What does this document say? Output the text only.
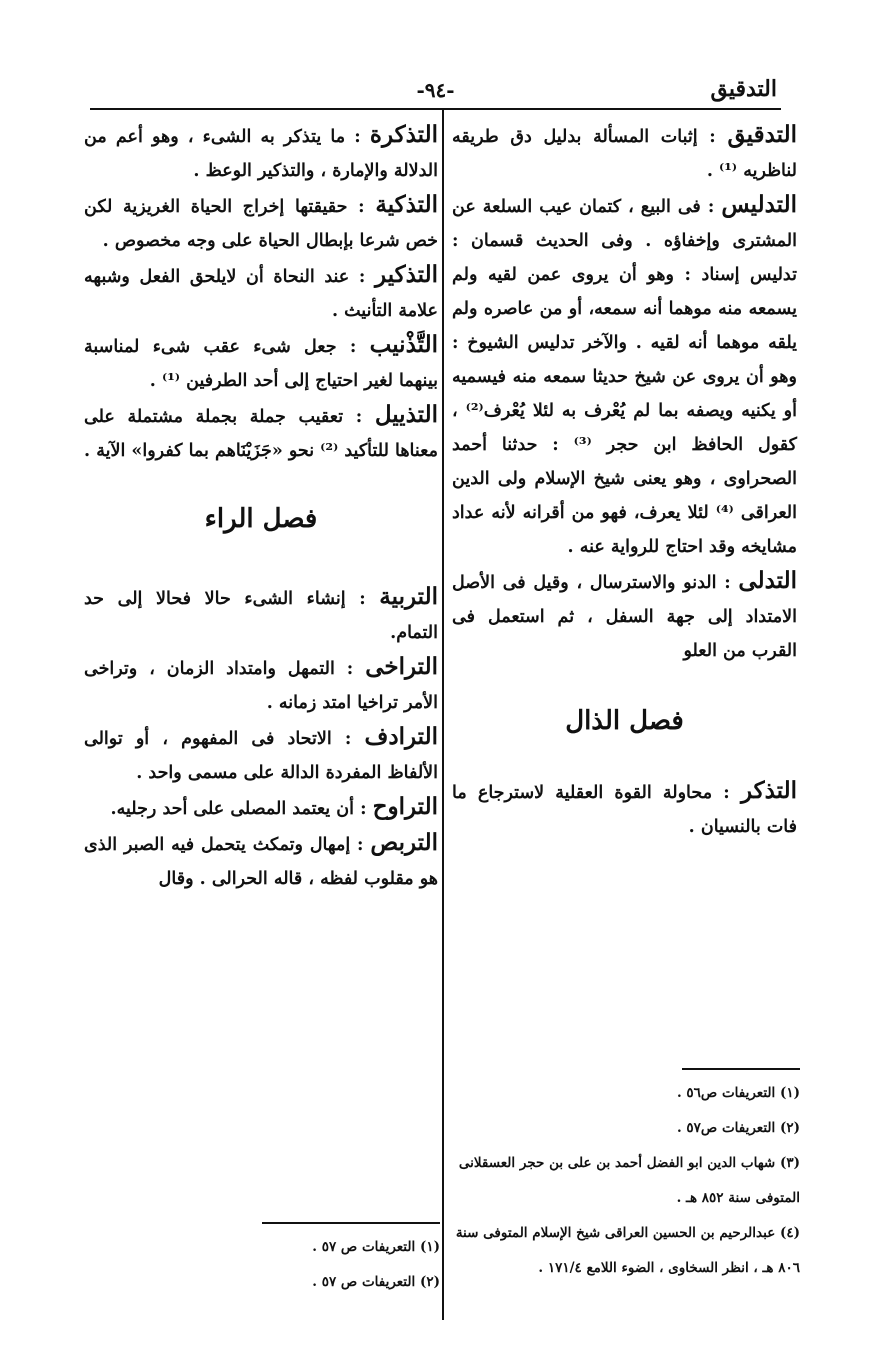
التدقيق
-٩٤-
التدقيق : إثبات المسألة بدليل دق طريقه لناظريه ⁽¹⁾ .
التدليس : فى البيع ، كتمان عيب السلعة عن المشترى وإخفاؤه . وفى الحديث قسمان : تدليس إسناد : وهو أن يروى عمن لقيه ولم يسمعه منه موهما أنه سمعه، أو من عاصره ولم يلقه موهما أنه لقيه . والآخر تدليس الشيوخ : وهو أن يروى عن شيخ حديثا سمعه منه فيسميه أو يكنيه ويصفه بما لم يُعْرف به لئلا يُعْرف⁽²⁾ ، كقول الحافظ ابن حجر ⁽³⁾ : حدثنا أحمد الصحراوى ، وهو يعنى شيخ الإسلام ولى الدين العراقى ⁽⁴⁾ لئلا يعرف، فهو من أقرانه لأنه عداد مشايخه وقد احتاج للرواية عنه .
التدلى : الدنو والاسترسال ، وقيل فى الأصل الامتداد إلى جهة السفل ، ثم استعمل فى القرب من العلو
فصل الذال
التذكر : محاولة القوة العقلية لاسترجاع ما فات بالنسيان .
(١) التعريفات ص٥٦ .
(٢) التعريفات ص٥٧ .
(٣) شهاب الدين ابو الفضل أحمد بن على بن حجر العسقلانى المتوفى سنة ٨٥٢ هـ .
(٤) عبدالرحيم بن الحسين العراقى شيخ الإسلام المتوفى سنة ٨٠٦ هـ ، انظر السخاوى ، الضوء اللامع ١٧١/٤ .
التذكرة : ما يتذكر به الشىء ، وهو أعم من الدلالة والإمارة ، والتذكير الوعظ .
التذكية : حقيقتها إخراج الحياة الغريزية لكن خص شرعا بإبطال الحياة على وجه مخصوص .
التذكير : عند النحاة أن لايلحق الفعل وشبهه علامة التأنيث .
التَّذْنيب : جعل شىء عقب شىء لمناسبة بينهما لغير احتياج إلى أحد الطرفين ⁽¹⁾ .
التذييل : تعقيب جملة بجملة مشتملة على معناها للتأكيد ⁽²⁾ نحو «جَزَيْنَاهم بما كفروا» الآية .
فصل الراء
التربية : إنشاء الشىء حالا فحالا إلى حد التمام.
التراخى : التمهل وامتداد الزمان ، وتراخى الأمر تراخيا امتد زمانه .
الترادف : الاتحاد فى المفهوم ، أو توالى الألفاظ المفردة الدالة على مسمى واحد .
التراوح : أن يعتمد المصلى على أحد رجليه.
التربص : إمهال وتمكث يتحمل فيه الصبر الذى هو مقلوب لفظه ، قاله الحرالى . وقال
(١) التعريفات ص ٥٧ .
(٢) التعريفات ص ٥٧ .
